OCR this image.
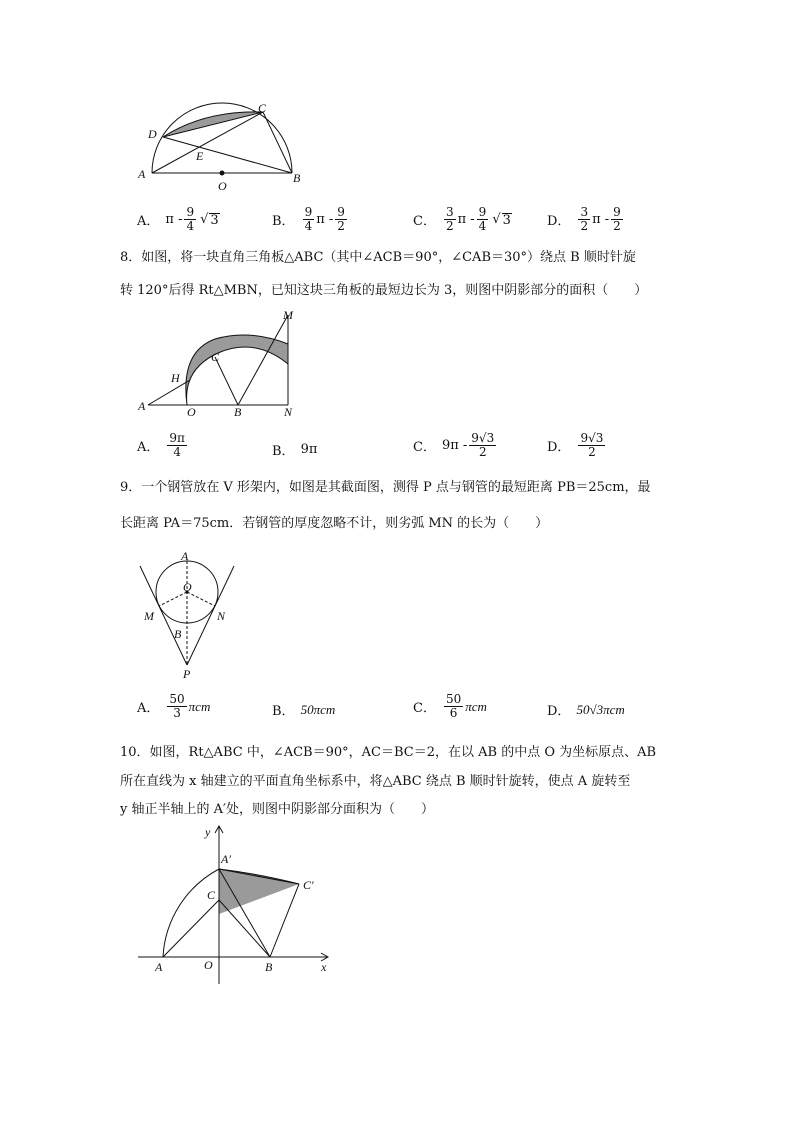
D
C
E
A
O
B
A． π - $\frac{9}{4}$ √ 3	B． $\frac{9}{4}$ π - $\frac{9}{2}$	C． $\frac{3}{2}$ π - $\frac{9}{4}$ √ 3	D． $\frac{3}{2}$ π - $\frac{9}{2}$
8．如图，将一块直角三角板△ABC（其中∠ACB＝90°，∠CAB＝30°）绕点 B 顺时针旋
转 120°后得 Rt△MBN，已知这块三角板的最短边长为 3，则图中阴影部分的面积（　　）
M
C
H
A	O	B	N
A． $\frac{9\pi}{4}$	B． 9π	C． $9\pi - \frac{9√3}{2}$	D． $\frac{9√3}{2}$
9．一个钢管放在 V 形架内，如图是其截面图，测得 P 点与钢管的最短距离 PB＝25cm，最
长距离 PA＝75cm．若钢管的厚度忽略不计，则劣弧 MN 的长为（　　）
A
O
M	N
B
P
A． $\frac{50}{3}$ πcm	B． 50πcm	C． $\frac{50}{6}$ πcm	D． 50√3πcm
10．如图，Rt△ABC 中，∠ACB＝90°，AC＝BC＝2，在以 AB 的中点 O 为坐标原点、AB
所在直线为 x 轴建立的平面直角坐标系中，将△ABC 绕点 B 顺时针旋转，使点 A 旋转至
y 轴正半轴上的 A′处，则图中阴影部分面积为（　　）
y
A′
C
C′
A	O	B	x
